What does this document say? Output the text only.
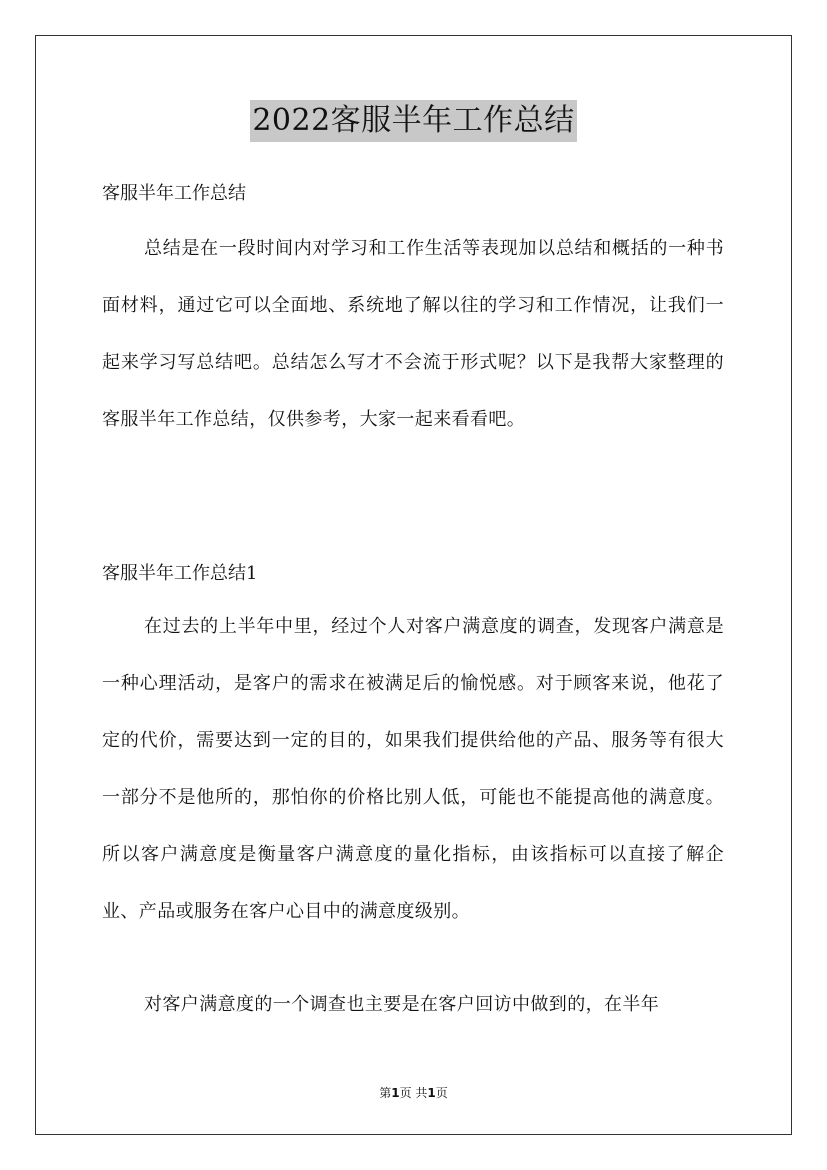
2022客服半年工作总结
客服半年工作总结

总结是在一段时间内对学习和工作生活等表现加以总结和概括的一种书面材料，通过它可以全面地、系统地了解以往的学习和工作情况，让我们一起来学习写总结吧。总结怎么写才不会流于形式呢？以下是我帮大家整理的客服半年工作总结，仅供参考，大家一起来看看吧。

客服半年工作总结1

在过去的上半年中里，经过个人对客户满意度的调查，发现客户满意是一种心理活动，是客户的需求在被满足后的愉悦感。对于顾客来说，他花了定的代价，需要达到一定的目的，如果我们提供给他的产品、服务等有很大一部分不是他所的，那怕你的价格比别人低，可能也不能提高他的满意度。所以客户满意度是衡量客户满意度的量化指标，由该指标可以直接了解企业、产品或服务在客户心目中的满意度级别。

对客户满意度的一个调查也主要是在客户回访中做到的，在半年

第1页 共1页
